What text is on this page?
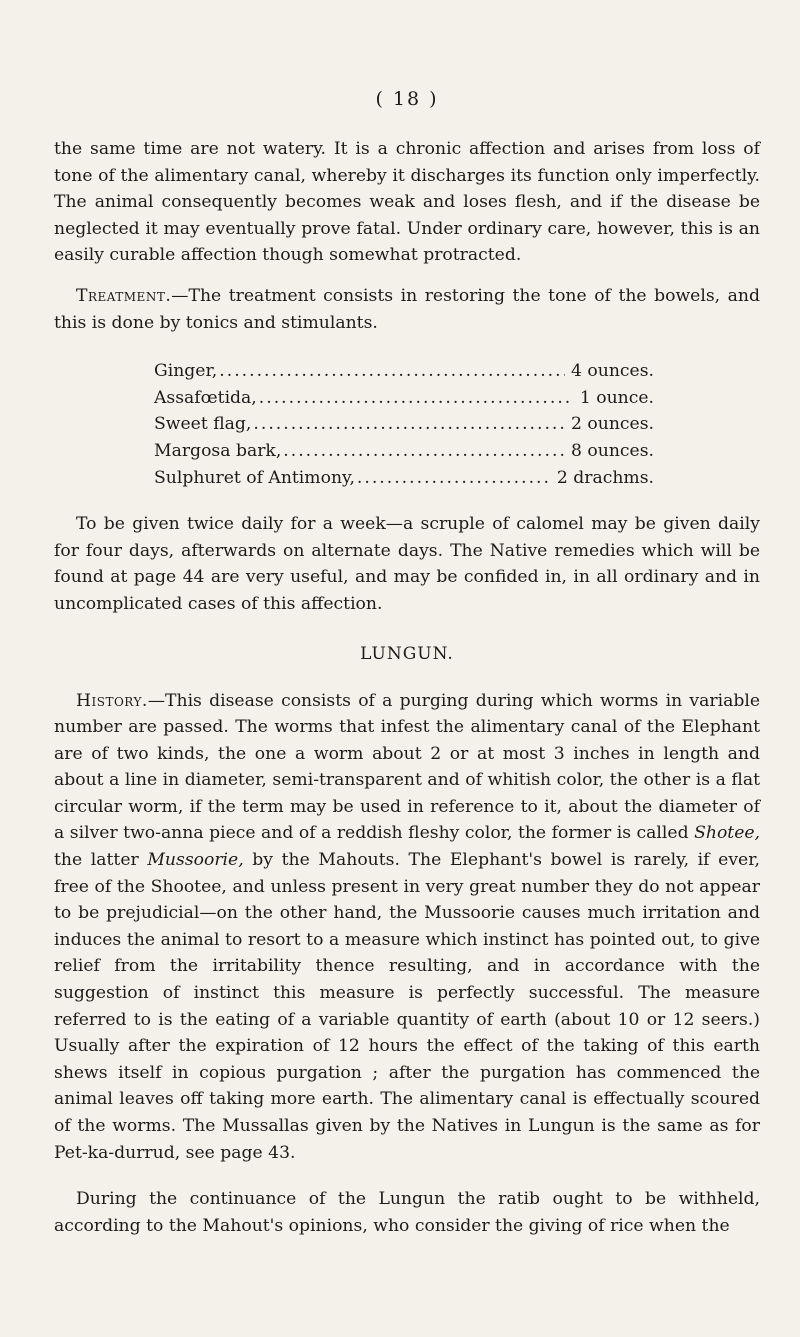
( 18 )

the same time are not watery. It is a chronic affection and arises from loss of tone of the alimentary canal, whereby it discharges its function only imperfectly. The animal consequently becomes weak and loses flesh, and if the disease be neglected it may eventually prove fatal. Under ordinary care, however, this is an easily curable affection though somewhat protracted.

Treatment.—The treatment consists in restoring the tone of the bowels, and this is done by tonics and stimulants.

Ginger, .....	4 ounces.
Assafœtida, .....	1 ounce.
Sweet flag, .....	2 ounces.
Margosa bark, .....	8 ounces.
Sulphuret of Antimony, .....	2 drachms.

To be given twice daily for a week—a scruple of calomel may be given daily for four days, afterwards on alternate days. The Native remedies which will be found at page 44 are very useful, and may be confided in, in all ordinary and in uncomplicated cases of this affection.

LUNGUN.

History.—This disease consists of a purging during which worms in variable number are passed. The worms that infest the alimentary canal of the Elephant are of two kinds, the one a worm about 2 or at most 3 inches in length and about a line in diameter, semi-transparent and of whitish color, the other is a flat circular worm, if the term may be used in reference to it, about the diameter of a silver two-anna piece and of a reddish fleshy color, the former is called Shotee, the latter Mussoorie, by the Mahouts. The Elephant's bowel is rarely, if ever, free of the Shootee, and unless present in very great number they do not appear to be prejudicial—on the other hand, the Mussoorie causes much irritation and induces the animal to resort to a measure which instinct has pointed out, to give relief from the irritability thence resulting, and in accordance with the suggestion of instinct this measure is perfectly successful. The measure referred to is the eating of a variable quantity of earth (about 10 or 12 seers.) Usually after the expiration of 12 hours the effect of the taking of this earth shews itself in copious purgation ; after the purgation has commenced the animal leaves off taking more earth. The alimentary canal is effectually scoured of the worms. The Mussallas given by the Natives in Lungun is the same as for Pet-ka-durrud, see page 43.

During the continuance of the Lungun the ratib ought to be withheld, according to the Mahout's opinions, who consider the giving of rice when the
